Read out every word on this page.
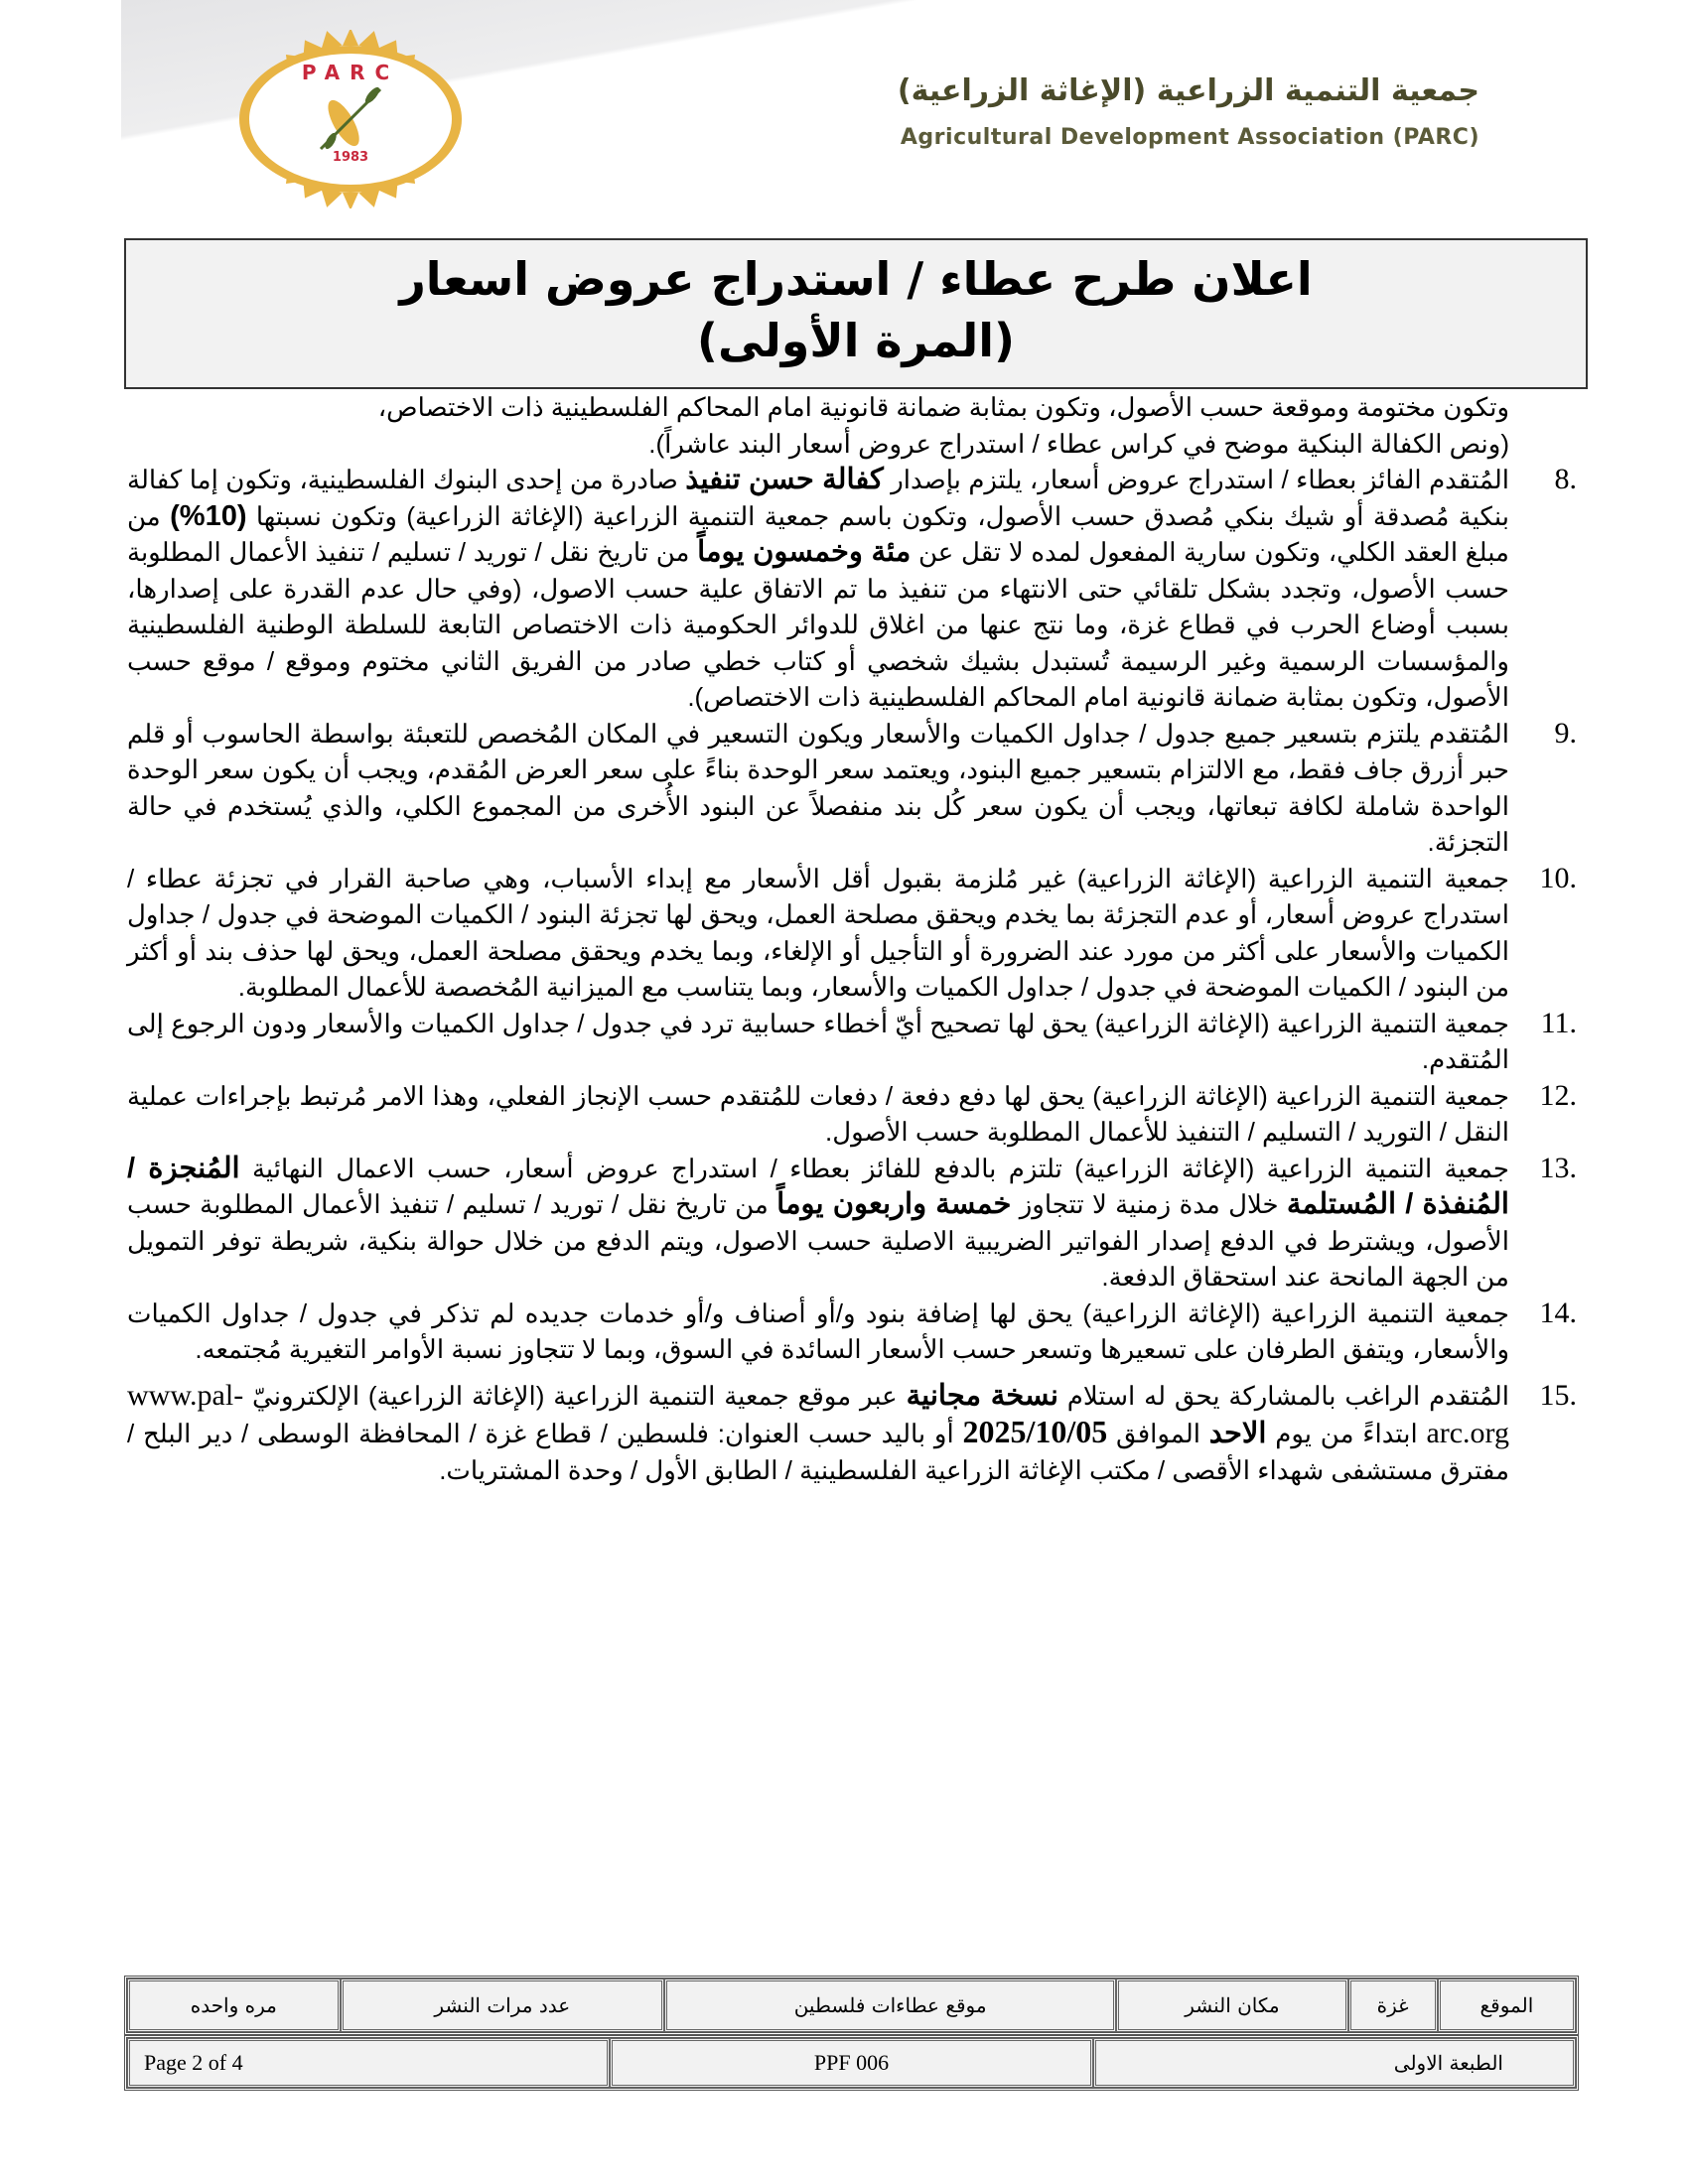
PARC
1983
جمعية التنمية الزراعية (الإغاثة الزراعية)
Agricultural Development Association (PARC)
اعلان طرح عطاء / استدراج عروض اسعار
(المرة الأولى)
وتكون مختومة وموقعة حسب الأصول، وتكون بمثابة ضمانة قانونية امام المحاكم الفلسطينية ذات الاختصاص،
(ونص الكفالة البنكية موضح في كراس عطاء / استدراج عروض أسعار البند عاشراً).
8.
المُتقدم الفائز بعطاء / استدراج عروض أسعار، يلتزم بإصدار كفالة حسن تنفيذ صادرة من إحدى البنوك الفلسطينية، وتكون إما كفالة بنكية مُصدقة أو شيك بنكي مُصدق حسب الأصول، وتكون باسم جمعية التنمية الزراعية (الإغاثة الزراعية) وتكون نسبتها (10%) من مبلغ العقد الكلي، وتكون سارية المفعول لمده لا تقل عن مئة وخمسون يوماً من تاريخ نقل / توريد / تسليم / تنفيذ الأعمال المطلوبة حسب الأصول، وتجدد بشكل تلقائي حتى الانتهاء من تنفيذ ما تم الاتفاق علية حسب الاصول، (وفي حال عدم القدرة على إصدارها، بسبب أوضاع الحرب في قطاع غزة، وما نتج عنها من اغلاق للدوائر الحكومية ذات الاختصاص التابعة للسلطة الوطنية الفلسطينية والمؤسسات الرسمية وغير الرسيمة تُستبدل بشيك شخصي أو كتاب خطي صادر من الفريق الثاني مختوم وموقع / موقع حسب الأصول، وتكون بمثابة ضمانة قانونية امام المحاكم الفلسطينية ذات الاختصاص).
9.
المُتقدم يلتزم بتسعير جميع جدول / جداول الكميات والأسعار ويكون التسعير في المكان المُخصص للتعبئة بواسطة الحاسوب أو قلم حبر أزرق جاف فقط، مع الالتزام بتسعير جميع البنود، ويعتمد سعر الوحدة بناءً على سعر العرض المُقدم، ويجب أن يكون سعر الوحدة الواحدة شاملة لكافة تبعاتها، ويجب أن يكون سعر كُل بند منفصلاً عن البنود الأُخرى من المجموع الكلي، والذي يُستخدم في حالة التجزئة.
10.
جمعية التنمية الزراعية (الإغاثة الزراعية) غير مُلزمة بقبول أقل الأسعار مع إبداء الأسباب، وهي صاحبة القرار في تجزئة عطاء / استدراج عروض أسعار، أو عدم التجزئة بما يخدم ويحقق مصلحة العمل، ويحق لها تجزئة البنود / الكميات الموضحة في جدول / جداول الكميات والأسعار على أكثر من مورد عند الضرورة أو التأجيل أو الإلغاء، وبما يخدم ويحقق مصلحة العمل، ويحق لها حذف بند أو أكثر من البنود / الكميات الموضحة في جدول / جداول الكميات والأسعار، وبما يتناسب مع الميزانية المُخصصة للأعمال المطلوبة.
11.
جمعية التنمية الزراعية (الإغاثة الزراعية) يحق لها تصحيح أيّ أخطاء حسابية ترد في جدول / جداول الكميات والأسعار ودون الرجوع إلى المُتقدم.
12.
جمعية التنمية الزراعية (الإغاثة الزراعية) يحق لها دفع دفعة / دفعات للمُتقدم حسب الإنجاز الفعلي، وهذا الامر مُرتبط بإجراءات عملية النقل / التوريد / التسليم / التنفيذ للأعمال المطلوبة حسب الأصول.
13.
جمعية التنمية الزراعية (الإغاثة الزراعية) تلتزم بالدفع للفائز بعطاء / استدراج عروض أسعار، حسب الاعمال النهائية المُنجزة / المُنفذة / المُستلمة خلال مدة زمنية لا تتجاوز خمسة واربعون يوماً من تاريخ نقل / توريد / تسليم / تنفيذ الأعمال المطلوبة حسب الأصول، ويشترط في الدفع إصدار الفواتير الضريبية الاصلية حسب الاصول، ويتم الدفع من خلال حوالة بنكية، شريطة توفر التمويل من الجهة المانحة عند استحقاق الدفعة.
14.
جمعية التنمية الزراعية (الإغاثة الزراعية) يحق لها إضافة بنود و/أو أصناف و/أو خدمات جديده لم تذكر في جدول / جداول الكميات والأسعار، ويتفق الطرفان على تسعيرها وتسعر حسب الأسعار السائدة في السوق، وبما لا تتجاوز نسبة الأوامر التغيرية مُجتمعه.
15.
المُتقدم الراغب بالمشاركة يحق له استلام نسخة مجانية عبر موقع جمعية التنمية الزراعية (الإغاثة الزراعية) الإلكترونيّ www.pal-arc.org ابتداءً من يوم الاحد الموافق 2025/10/05 أو باليد حسب العنوان: فلسطين / قطاع غزة / المحافظة الوسطى / دير البلح / مفترق مستشفى شهداء الأقصى / مكتب الإغاثة الزراعية الفلسطينية / الطابق الأول / وحدة المشتريات.
الموقع	غزة	مكان النشر	موقع عطاءات فلسطين	عدد مرات النشر	مره واحده
الطبعة الاولى	PPF 006	Page 2 of 4
